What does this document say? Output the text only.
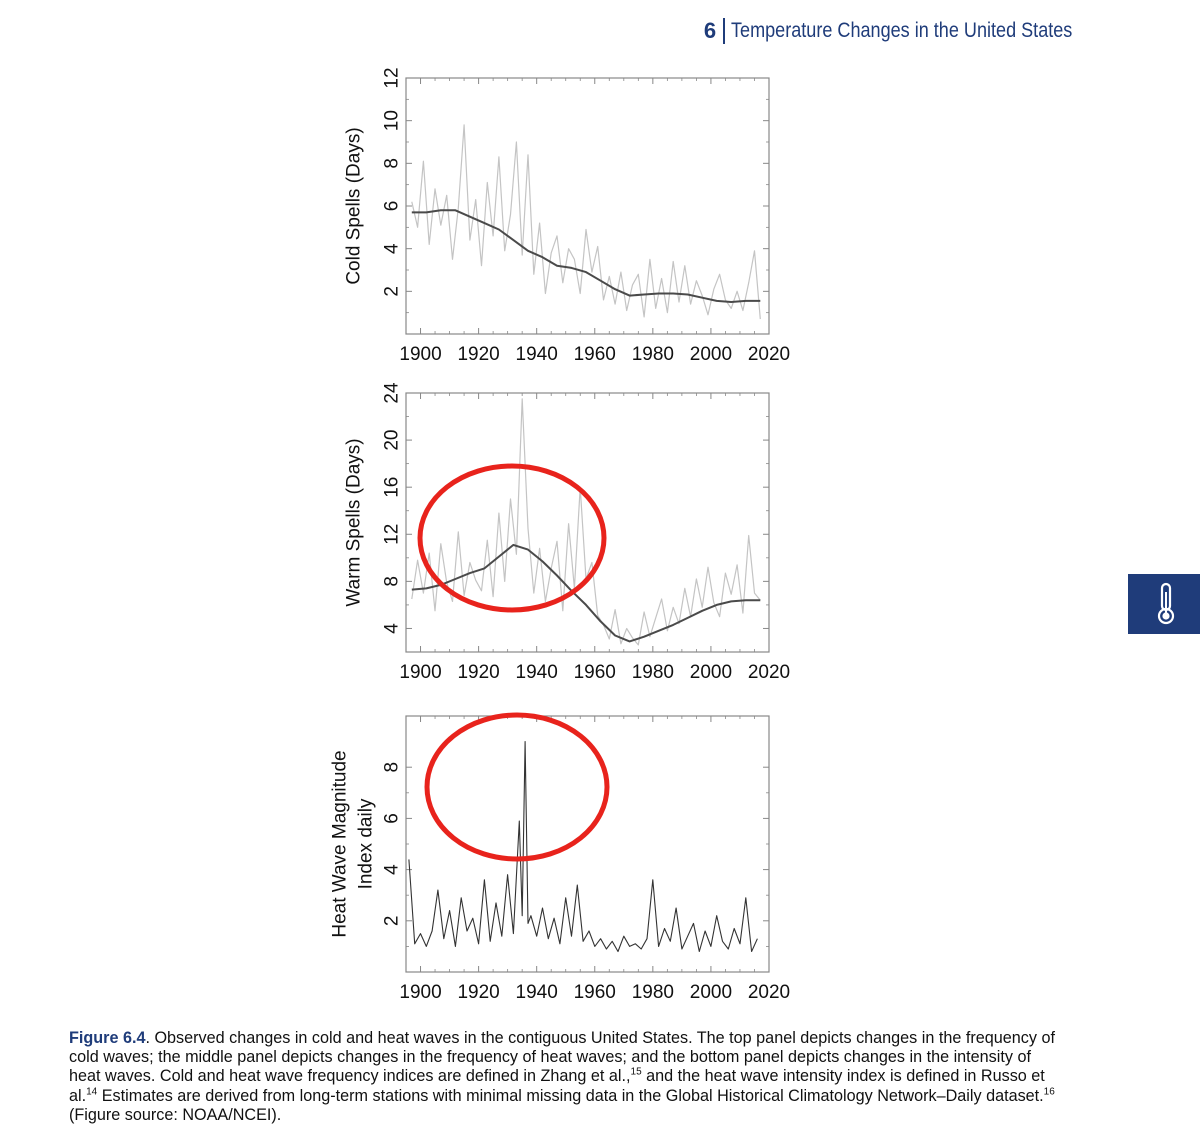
6 Temperature Changes in the United States
1900 1920 1940 1960 1980 2000 2020
2
4
6
8
10
12
Cold Spells (Days)
1900 1920 1940 1960 1980 2000 2020
4
8
12
16
20
24
Warm Spells (Days)
1900 1920 1940 1960 1980 2000 2020
2
4
6
8
Heat Wave Magnitude Index daily
Figure 6.4. Observed changes in cold and heat waves in the contiguous United States. The top panel depicts changes in the frequency of cold waves; the middle panel depicts changes in the frequency of heat waves; and the bottom panel depicts changes in the intensity of heat waves. Cold and heat wave frequency indices are defined in Zhang et al.,$^{15}$ and the heat wave intensity index is defined in Russo et al.$^{14}$ Estimates are derived from long-term stations with minimal missing data in the Global Historical Climatology Network–Daily dataset.$^{16}$ (Figure source: NOAA/NCEI).
